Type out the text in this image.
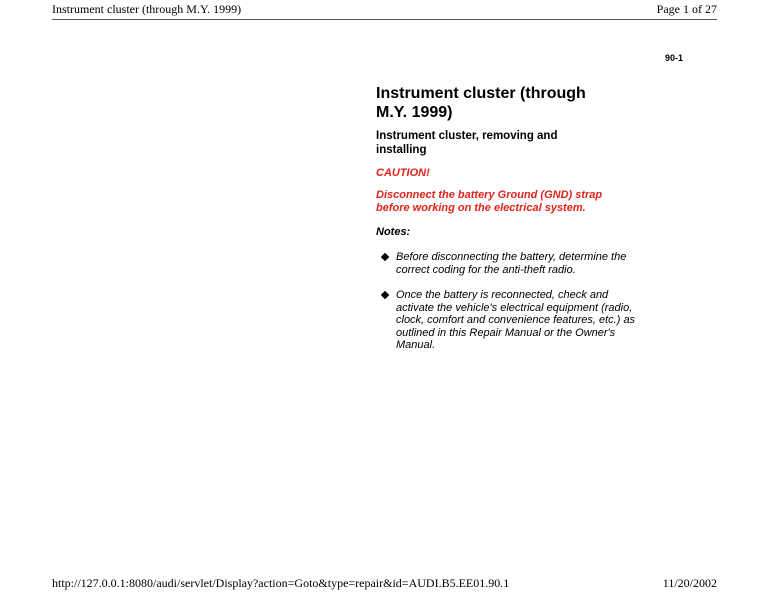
Instrument cluster (through M.Y. 1999)	Page 1 of 27
90-1
Instrument cluster (through M.Y. 1999)
Instrument cluster, removing and installing
CAUTION!
Disconnect the battery Ground (GND) strap before working on the electrical system.
Notes:
Before disconnecting the battery, determine the correct coding for the anti-theft radio.
Once the battery is reconnected, check and activate the vehicle's electrical equipment (radio, clock, comfort and convenience features, etc.) as outlined in this Repair Manual or the Owner's Manual.
http://127.0.0.1:8080/audi/servlet/Display?action=Goto&type=repair&id=AUDI.B5.EE01.90.1	11/20/2002
